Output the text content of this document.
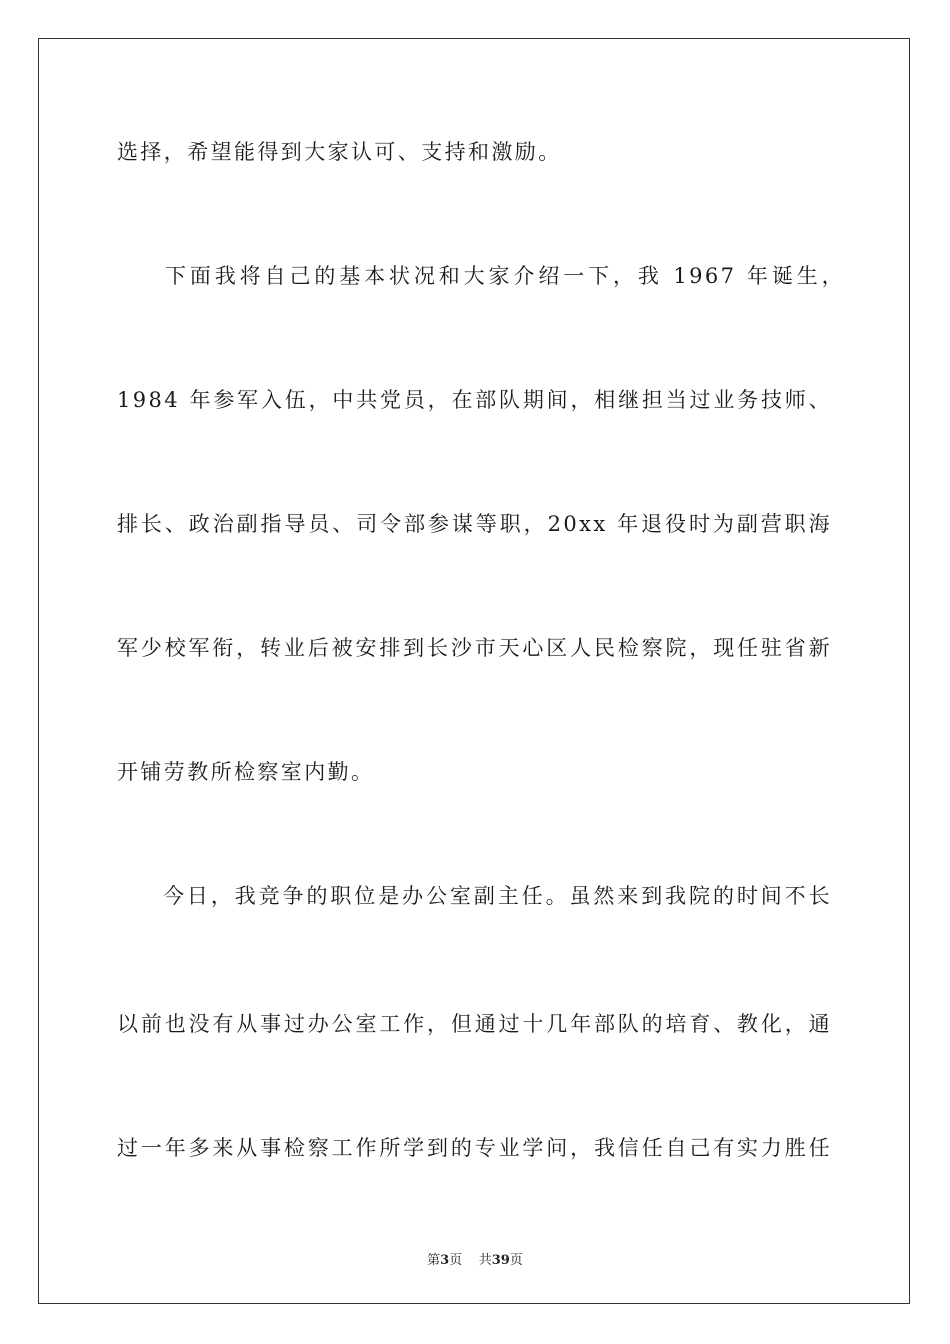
选择，希望能得到大家认可、支持和激励。
下面我将自己的基本状况和大家介绍一下，我 1967 年诞生，
1984 年参军入伍，中共党员，在部队期间，相继担当过业务技师、
排长、政治副指导员、司令部参谋等职，20xx 年退役时为副营职海
军少校军衔，转业后被安排到长沙市天心区人民检察院，现任驻省新
开铺劳教所检察室内勤。
今日，我竞争的职位是办公室副主任。虽然来到我院的时间不长
以前也没有从事过办公室工作，但通过十几年部队的培育、教化，通
过一年多来从事检察工作所学到的专业学问，我信任自己有实力胜任
第3页 共39页
